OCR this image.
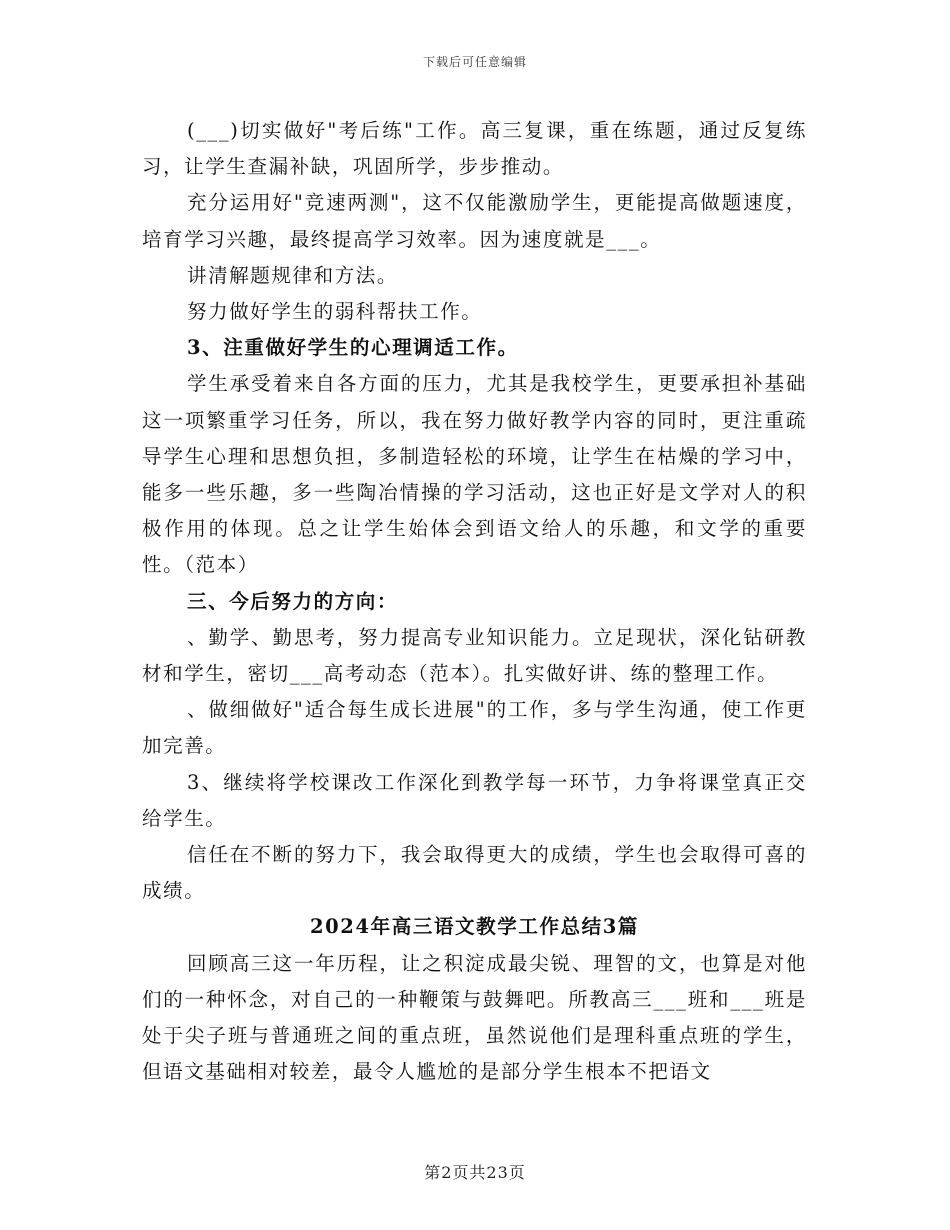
下载后可任意编辑

(___)切实做好"考后练"工作。高三复课，重在练题，通过反复练习，让学生查漏补缺，巩固所学，步步推动。

充分运用好"竞速两测"，这不仅能激励学生，更能提高做题速度，培育学习兴趣，最终提高学习效率。因为速度就是___。

讲清解题规律和方法。

努力做好学生的弱科帮扶工作。

3、注重做好学生的心理调适工作。

学生承受着来自各方面的压力，尤其是我校学生，更要承担补基础这一项繁重学习任务，所以，我在努力做好教学内容的同时，更注重疏导学生心理和思想负担，多制造轻松的环境，让学生在枯燥的学习中，能多一些乐趣，多一些陶冶情操的学习活动，这也正好是文学对人的积极作用的体现。总之让学生始体会到语文给人的乐趣，和文学的重要性。（范本）

三、今后努力的方向：

、勤学、勤思考，努力提高专业知识能力。立足现状，深化钻研教材和学生，密切___高考动态（范本）。扎实做好讲、练的整理工作。

、做细做好"适合每生成长进展"的工作，多与学生沟通，使工作更加完善。

3、继续将学校课改工作深化到教学每一环节，力争将课堂真正交给学生。

信任在不断的努力下，我会取得更大的成绩，学生也会取得可喜的成绩。

2024年高三语文教学工作总结3篇

回顾高三这一年历程，让之积淀成最尖锐、理智的文，也算是对他们的一种怀念，对自己的一种鞭策与鼓舞吧。所教高三___班和___班是处于尖子班与普通班之间的重点班，虽然说他们是理科重点班的学生，但语文基础相对较差，最令人尴尬的是部分学生根本不把语文

第2页共23页
